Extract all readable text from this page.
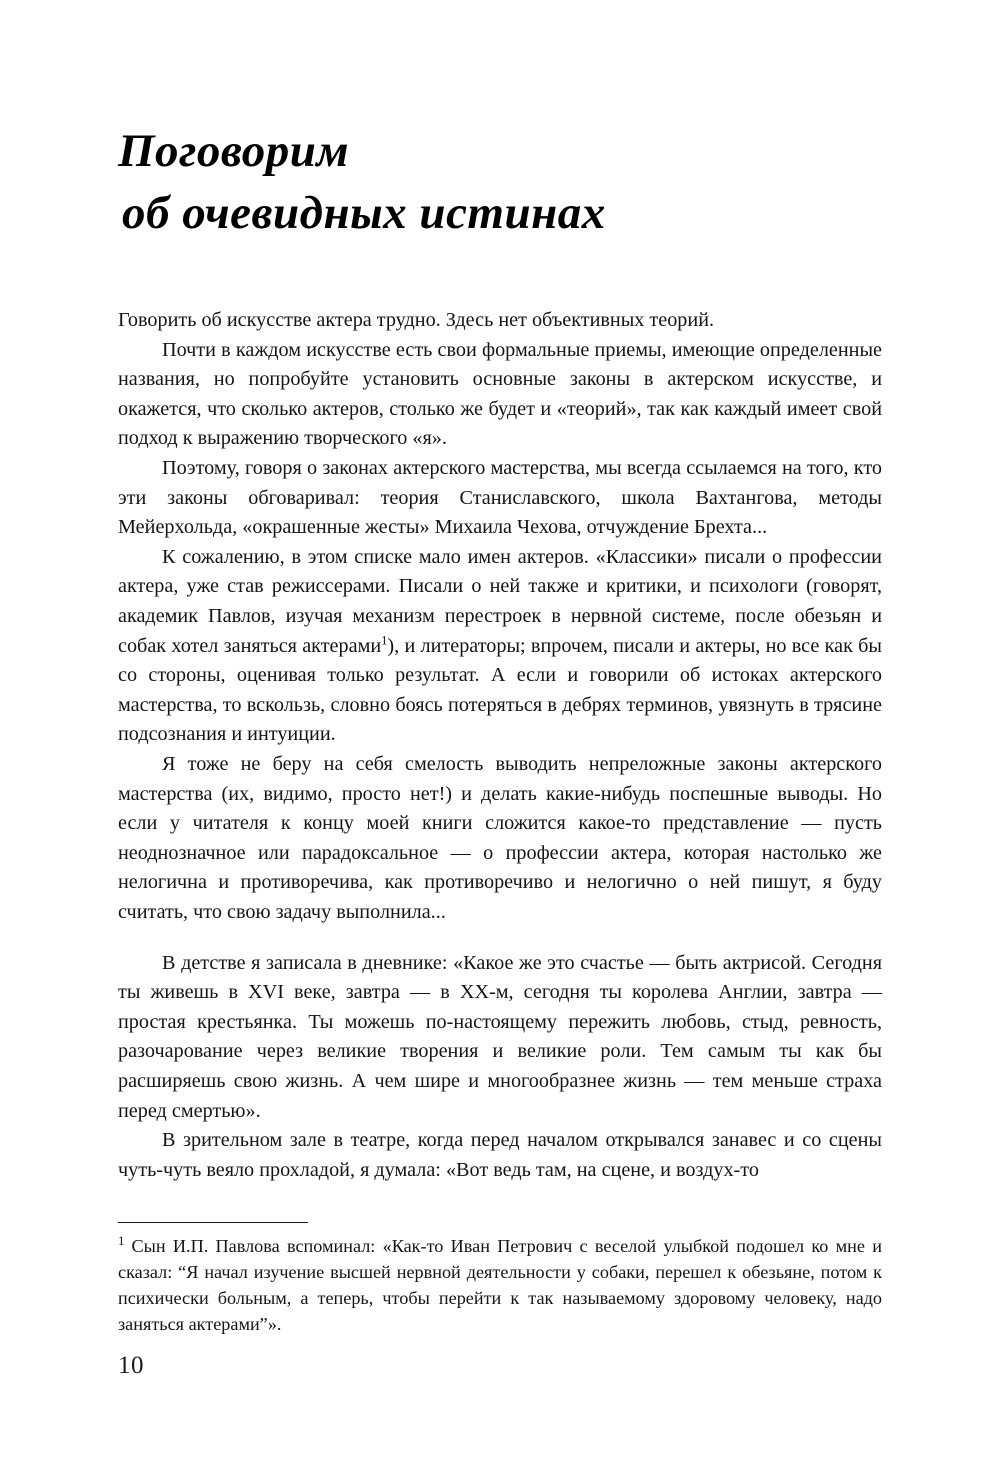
Поговорим
об очевидных истинах

Говорить об искусстве актера трудно. Здесь нет объективных теорий.

Почти в каждом искусстве есть свои формальные приемы, имеющие определенные названия, но попробуйте установить основные законы в актерском искусстве, и окажется, что сколько актеров, столько же будет и «теорий», так как каждый имеет свой подход к выражению творческого «я».

Поэтому, говоря о законах актерского мастерства, мы всегда ссылаемся на того, кто эти законы обговаривал: теория Станиславского, школа Вахтангова, методы Мейерхольда, «окрашенные жесты» Михаила Чехова, отчуждение Брехта...

К сожалению, в этом списке мало имен актеров. «Классики» писали о профессии актера, уже став режиссерами. Писали о ней также и критики, и психологи (говорят, академик Павлов, изучая механизм перестроек в нервной системе, после обезьян и собак хотел заняться актерами$^1$), и литераторы; впрочем, писали и актеры, но все как бы со стороны, оценивая только результат. А если и говорили об истоках актерского мастерства, то вскользь, словно боясь потеряться в дебрях терминов, увязнуть в трясине подсознания и интуиции.

Я тоже не беру на себя смелость выводить непреложные законы актерского мастерства (их, видимо, просто нет!) и делать какие-нибудь поспешные выводы. Но если у читателя к концу моей книги сложится какое-то представление — пусть неоднозначное или парадоксальное — о профессии актера, которая настолько же нелогична и противоречива, как противоречиво и нелогично о ней пишут, я буду считать, что свою задачу выполнила...

В детстве я записала в дневнике: «Какое же это счастье — быть актрисой. Сегодня ты живешь в XVI веке, завтра — в XX-м, сегодня ты королева Англии, завтра — простая крестьянка. Ты можешь по-настоящему пережить любовь, стыд, ревность, разочарование через великие творения и великие роли. Тем самым ты как бы расширяешь свою жизнь. А чем шире и многообразнее жизнь — тем меньше страха перед смертью».

В зрительном зале в театре, когда перед началом открывался занавес и со сцены чуть-чуть веяло прохладой, я думала: «Вот ведь там, на сцене, и воздух-то

$^1$ Сын И.П. Павлова вспоминал: «Как-то Иван Петрович с веселой улыбкой подошел ко мне и сказал: “Я начал изучение высшей нервной деятельности у собаки, перешел к обезьяне, потом к психически больным, а теперь, чтобы перейти к так называемому здоровому человеку, надо заняться актерами”».

10
